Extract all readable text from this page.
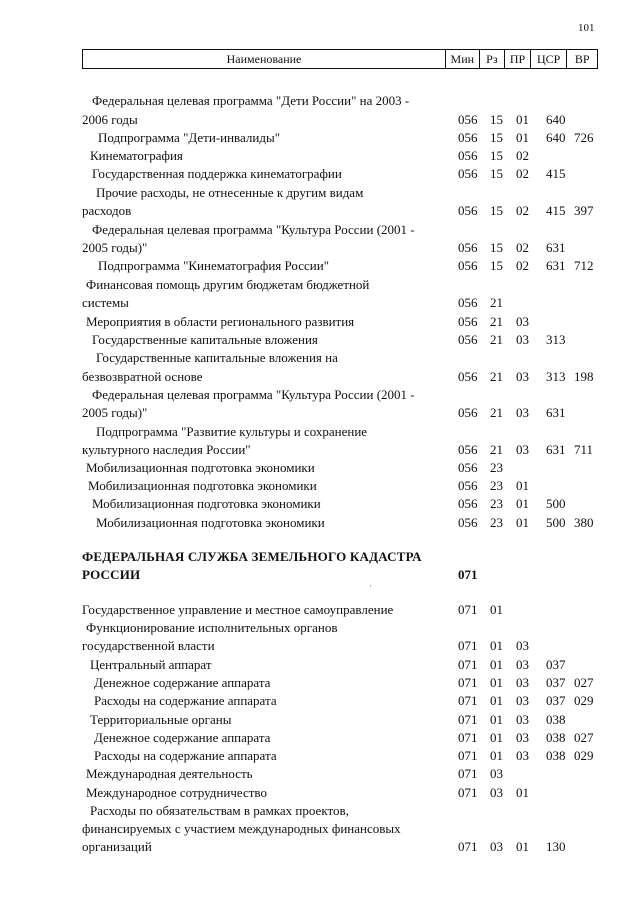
101
Наименование	Мин	Рз	ПР ЦСР	ВР
Федеральная целевая программа "Дети России" на 2003 -
2006 годы	056 15 01 640
Подпрограмма "Дети-инвалиды"	056 15 01 640 726
Кинематография	056 15 02
Государственная поддержка кинематографии	056 15 02 415
Прочие расходы, не отнесенные к другим видам
расходов	056 15 02 415 397
Федеральная целевая программа "Культура России (2001 -
2005 годы)"	056 15 02 631
Подпрограмма "Кинематография России"	056 15 02 631 712
Финансовая помощь другим бюджетам бюджетной
системы	056 21
Мероприятия в области регионального развития	056 21 03
Государственные капитальные вложения	056 21 03 313
Государственные капитальные вложения на
безвозвратной основе	056 21 03 313 198
Федеральная целевая программа "Культура России (2001 -
2005 годы)"	056 21 03 631
Подпрограмма "Развитие культуры и сохранение
культурного наследия России"	056 21 03 631 711
Мобилизационная подготовка экономики	056 23
Мобилизационная подготовка экономики	056 23 01
Мобилизационная подготовка экономики	056 23 01 500
Мобилизационная подготовка экономики	056 23 01 500 380
Государственное управление и местное самоуправление	071 01
Функционирование исполнительных органов
государственной власти	071 01 03
Центральный аппарат	071 01 03 037
Денежное содержание аппарата	071 01 03 037 027
Расходы на содержание аппарата	071 01 03 037 029
Территориальные органы	071 01 03 038
Денежное содержание аппарата	071 01 03 038 027
Расходы на содержание аппарата	071 01 03 038 029
Международная деятельность	071 03
Международное сотрудничество	071 03 01
Расходы по обязательствам в рамках проектов,
финансируемых с участием международных финансовых
организаций	071 03 01 130
ФЕДЕРАЛЬНАЯ СЛУЖБА ЗЕМЕЛЬНОГО КАДАСТРА
РОССИИ	071
·
